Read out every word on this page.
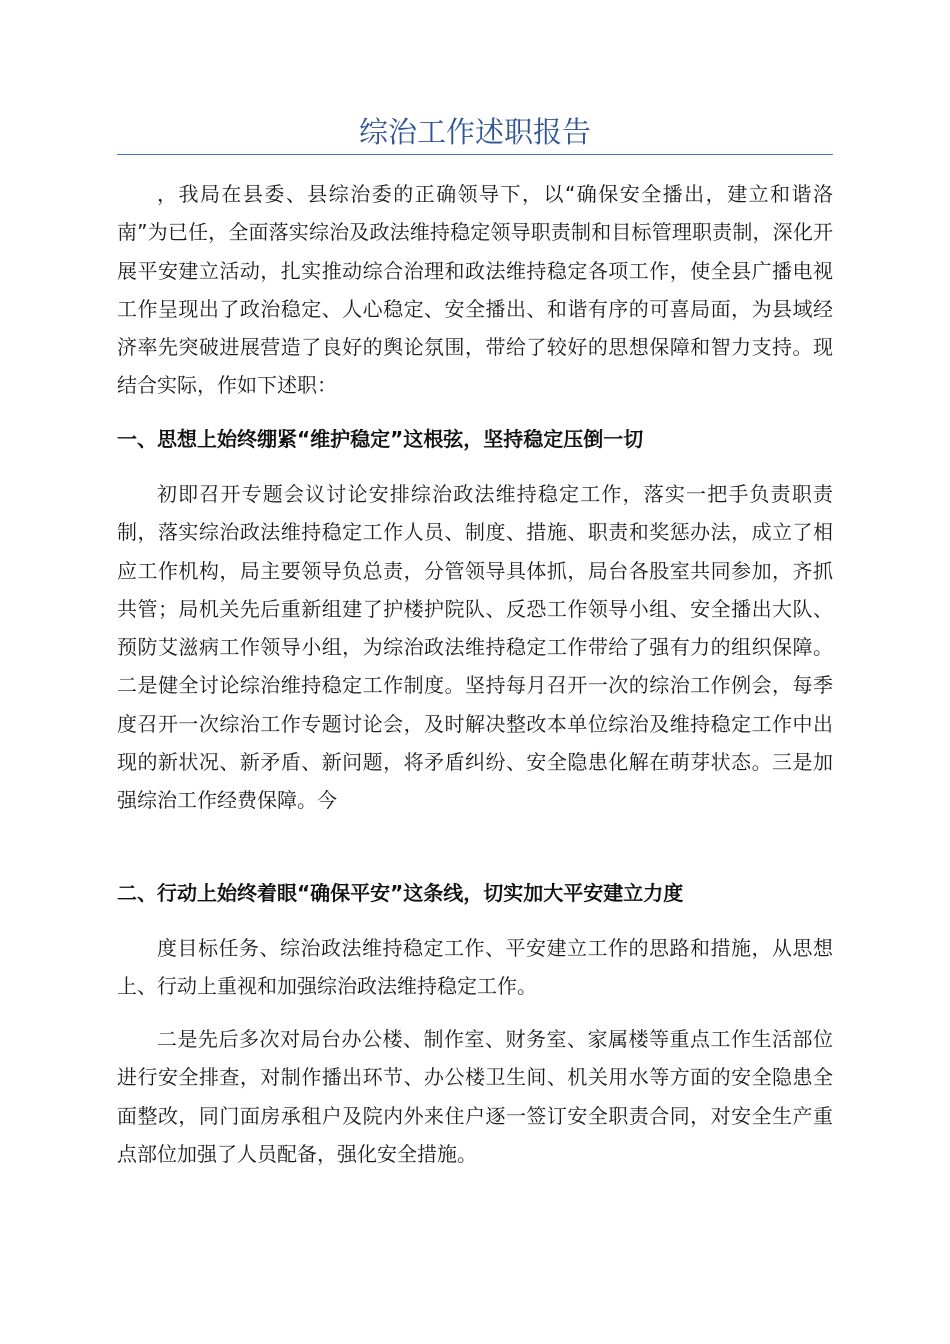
综治工作述职报告

，我局在县委、县综治委的正确领导下，以“确保安全播出，建立和谐洛南”为已任，全面落实综治及政法维持稳定领导职责制和目标管理职责制，深化开展平安建立活动，扎实推动综合治理和政法维持稳定各项工作，使全县广播电视工作呈现出了政治稳定、人心稳定、安全播出、和谐有序的可喜局面，为县域经济率先突破进展营造了良好的舆论氛围，带给了较好的思想保障和智力支持。现结合实际，作如下述职：

一、思想上始终绷紧“维护稳定”这根弦，坚持稳定压倒一切

初即召开专题会议讨论安排综治政法维持稳定工作，落实一把手负责职责制，落实综治政法维持稳定工作人员、制度、措施、职责和奖惩办法，成立了相应工作机构，局主要领导负总责，分管领导具体抓，局台各股室共同参加，齐抓共管；局机关先后重新组建了护楼护院队、反恐工作领导小组、安全播出大队、预防艾滋病工作领导小组，为综治政法维持稳定工作带给了强有力的组织保障。二是健全讨论综治维持稳定工作制度。坚持每月召开一次的综治工作例会，每季度召开一次综治工作专题讨论会，及时解决整改本单位综治及维持稳定工作中出现的新状况、新矛盾、新问题，将矛盾纠纷、安全隐患化解在萌芽状态。三是加强综治工作经费保障。今

二、行动上始终着眼“确保平安”这条线，切实加大平安建立力度

度目标任务、综治政法维持稳定工作、平安建立工作的思路和措施，从思想上、行动上重视和加强综治政法维持稳定工作。

二是先后多次对局台办公楼、制作室、财务室、家属楼等重点工作生活部位进行安全排查，对制作播出环节、办公楼卫生间、机关用水等方面的安全隐患全面整改，同门面房承租户及院内外来住户逐一签订安全职责合同，对安全生产重点部位加强了人员配备，强化安全措施。
